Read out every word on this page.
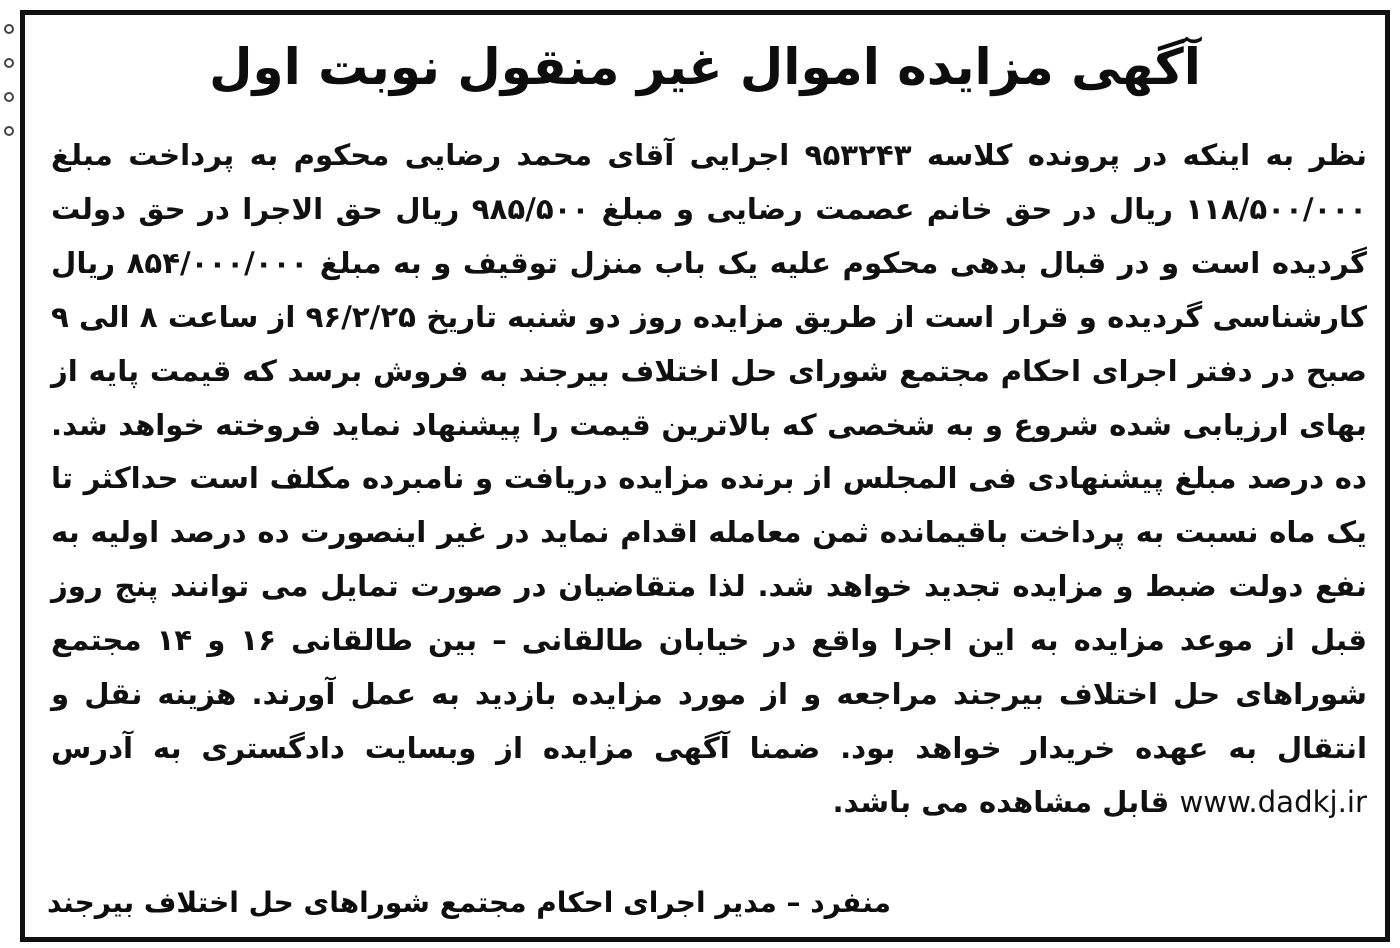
آگهی مزایده اموال غیر منقول نوبت اول

نظر به اینکه در پرونده کلاسه ۹۵۳۲۴۳ اجرایی آقای محمد رضایی محکوم به پرداخت مبلغ ۱۱۸/۵۰۰/۰۰۰ ریال در حق خانم عصمت رضایی و مبلغ ۹۸۵/۵۰۰ ریال حق الاجرا در حق دولت گردیده است و در قبال بدهی محکوم علیه یک باب منزل توقیف و به مبلغ ۸۵۴/۰۰۰/۰۰۰ ریال کارشناسی گردیده و قرار است از طریق مزایده روز دو شنبه تاریخ ۹۶/۲/۲۵ از ساعت ۸ الی ۹ صبح در دفتر اجرای احکام مجتمع شورای حل اختلاف بیرجند به فروش برسد که قیمت پایه از بهای ارزیابی شده شروع و به شخصی که بالاترین قیمت را پیشنهاد نماید فروخته خواهد شد. ده درصد مبلغ پیشنهادی فی المجلس از برنده مزایده دریافت و نامبرده مکلف است حداکثر تا یک ماه نسبت به پرداخت باقیمانده ثمن معامله اقدام نماید در غیر اینصورت ده درصد اولیه به نفع دولت ضبط و مزایده تجدید خواهد شد. لذا متقاضیان در صورت تمایل می توانند پنج روز قبل از موعد مزایده به این اجرا واقع در خیابان طالقانی – بین طالقانی ۱۶ و ۱۴ مجتمع شوراهای حل اختلاف بیرجند مراجعه و از مورد مزایده بازدید به عمل آورند. هزینه نقل و انتقال به عهده خریدار خواهد بود. ضمنا آگهی مزایده از وبسایت دادگستری به آدرس www.dadkj.ir قابل مشاهده می باشد.

منفرد – مدیر اجرای احکام مجتمع شوراهای حل اختلاف بیرجند
